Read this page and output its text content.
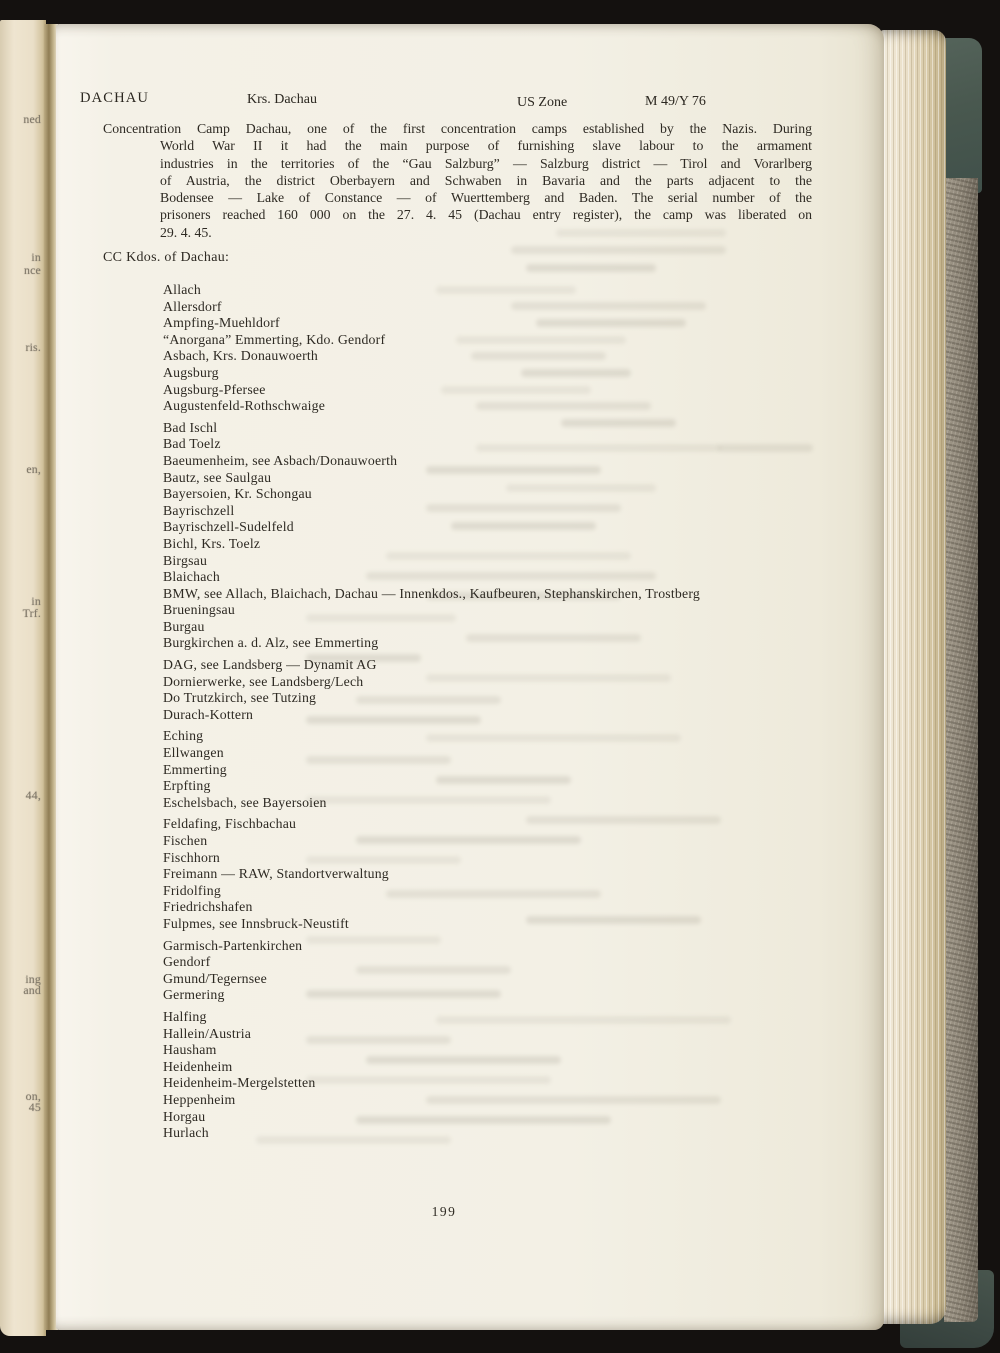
ned
in
nce
ris.
en,
in
Trf.
44,
ing
and
on,
45
DACHAU	Krs. Dachau	US Zone	M 49/Y 76
Concentration Camp Dachau, one of the first concentration camps established by the Nazis. During
World War II it had the main purpose of furnishing slave labour to the armament
industries in the territories of the “Gau Salzburg” — Salzburg district — Tirol and Vorarlberg
of Austria, the district Oberbayern and Schwaben in Bavaria and the parts adjacent to the
Bodensee — Lake of Constance — of Wuerttemberg and Baden. The serial number of the
prisoners reached 160 000 on the 27. 4. 45 (Dachau entry register), the camp was liberated on
29. 4. 45.
CC Kdos. of Dachau:
Allach
Allersdorf
Ampfing-Muehldorf
“Anorgana” Emmerting, Kdo. Gendorf
Asbach, Krs. Donauwoerth
Augsburg
Augsburg-Pfersee
Augustenfeld-Rothschwaige
Bad Ischl
Bad Toelz
Baeumenheim, see Asbach/Donauwoerth
Bautz, see Saulgau
Bayersoien, Kr. Schongau
Bayrischzell
Bayrischzell-Sudelfeld
Bichl, Krs. Toelz
Birgsau
Blaichach
BMW, see Allach, Blaichach, Dachau — Innenkdos., Kaufbeuren, Stephanskirchen, Trostberg
Brueningsau
Burgau
Burgkirchen a. d. Alz, see Emmerting
DAG, see Landsberg — Dynamit AG
Dornierwerke, see Landsberg/Lech
Do Trutzkirch, see Tutzing
Durach-Kottern
Eching
Ellwangen
Emmerting
Erpfting
Eschelsbach, see Bayersoien
Feldafing, Fischbachau
Fischen
Fischhorn
Freimann — RAW, Standortverwaltung
Fridolfing
Friedrichshafen
Fulpmes, see Innsbruck-Neustift
Garmisch-Partenkirchen
Gendorf
Gmund/Tegernsee
Germering
Halfing
Hallein/Austria
Hausham
Heidenheim
Heidenheim-Mergelstetten
Heppenheim
Horgau
Hurlach
199
